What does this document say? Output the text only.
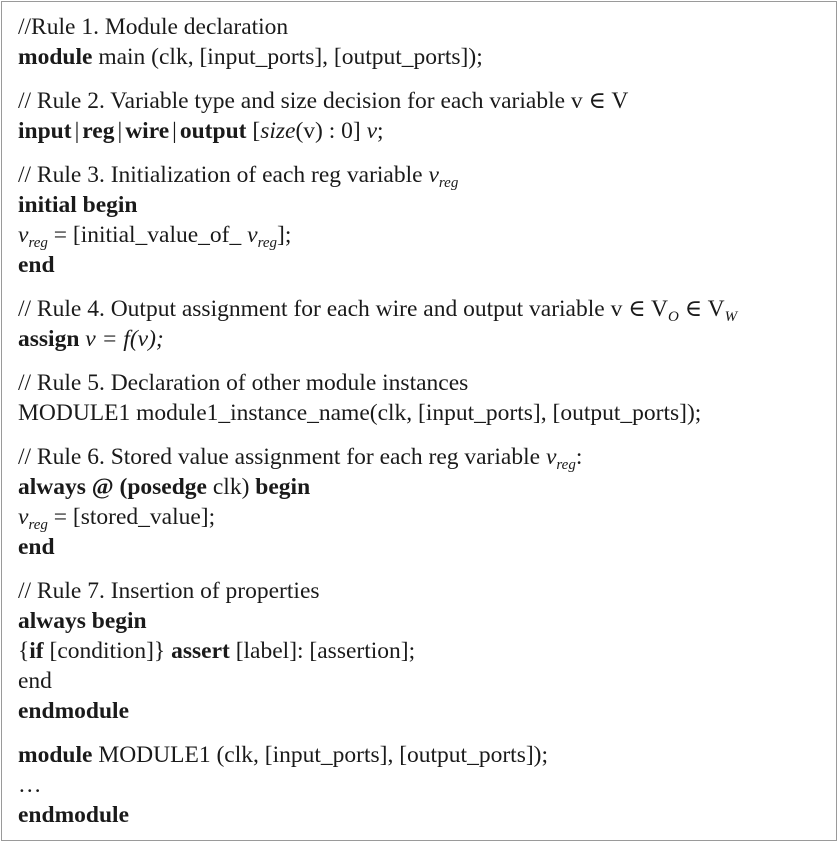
//Rule 1. Module declaration
module main (clk, [input_ports], [output_ports]);
// Rule 2. Variable type and size decision for each variable v ∈ V
input | reg | wire | output [size(v) : 0] v;
// Rule 3. Initialization of each reg variable $v_{reg}$
initial begin
$v_{reg}$ = [initial_value_of_ $v_{reg}$];
end
// Rule 4. Output assignment for each wire and output variable v ∈ $V_O$ ∈ $V_W$
assign v = f(v);
// Rule 5. Declaration of other module instances
MODULE1 module1_instance_name(clk, [input_ports], [output_ports]);
// Rule 6. Stored value assignment for each reg variable $v_{reg}$:
always @ (posedge clk) begin
$v_{reg}$ = [stored_value];
end
// Rule 7. Insertion of properties
always begin
{if [condition]} assert [label]: [assertion];
end
endmodule
module MODULE1 (clk, [input_ports], [output_ports]);
…
endmodule
